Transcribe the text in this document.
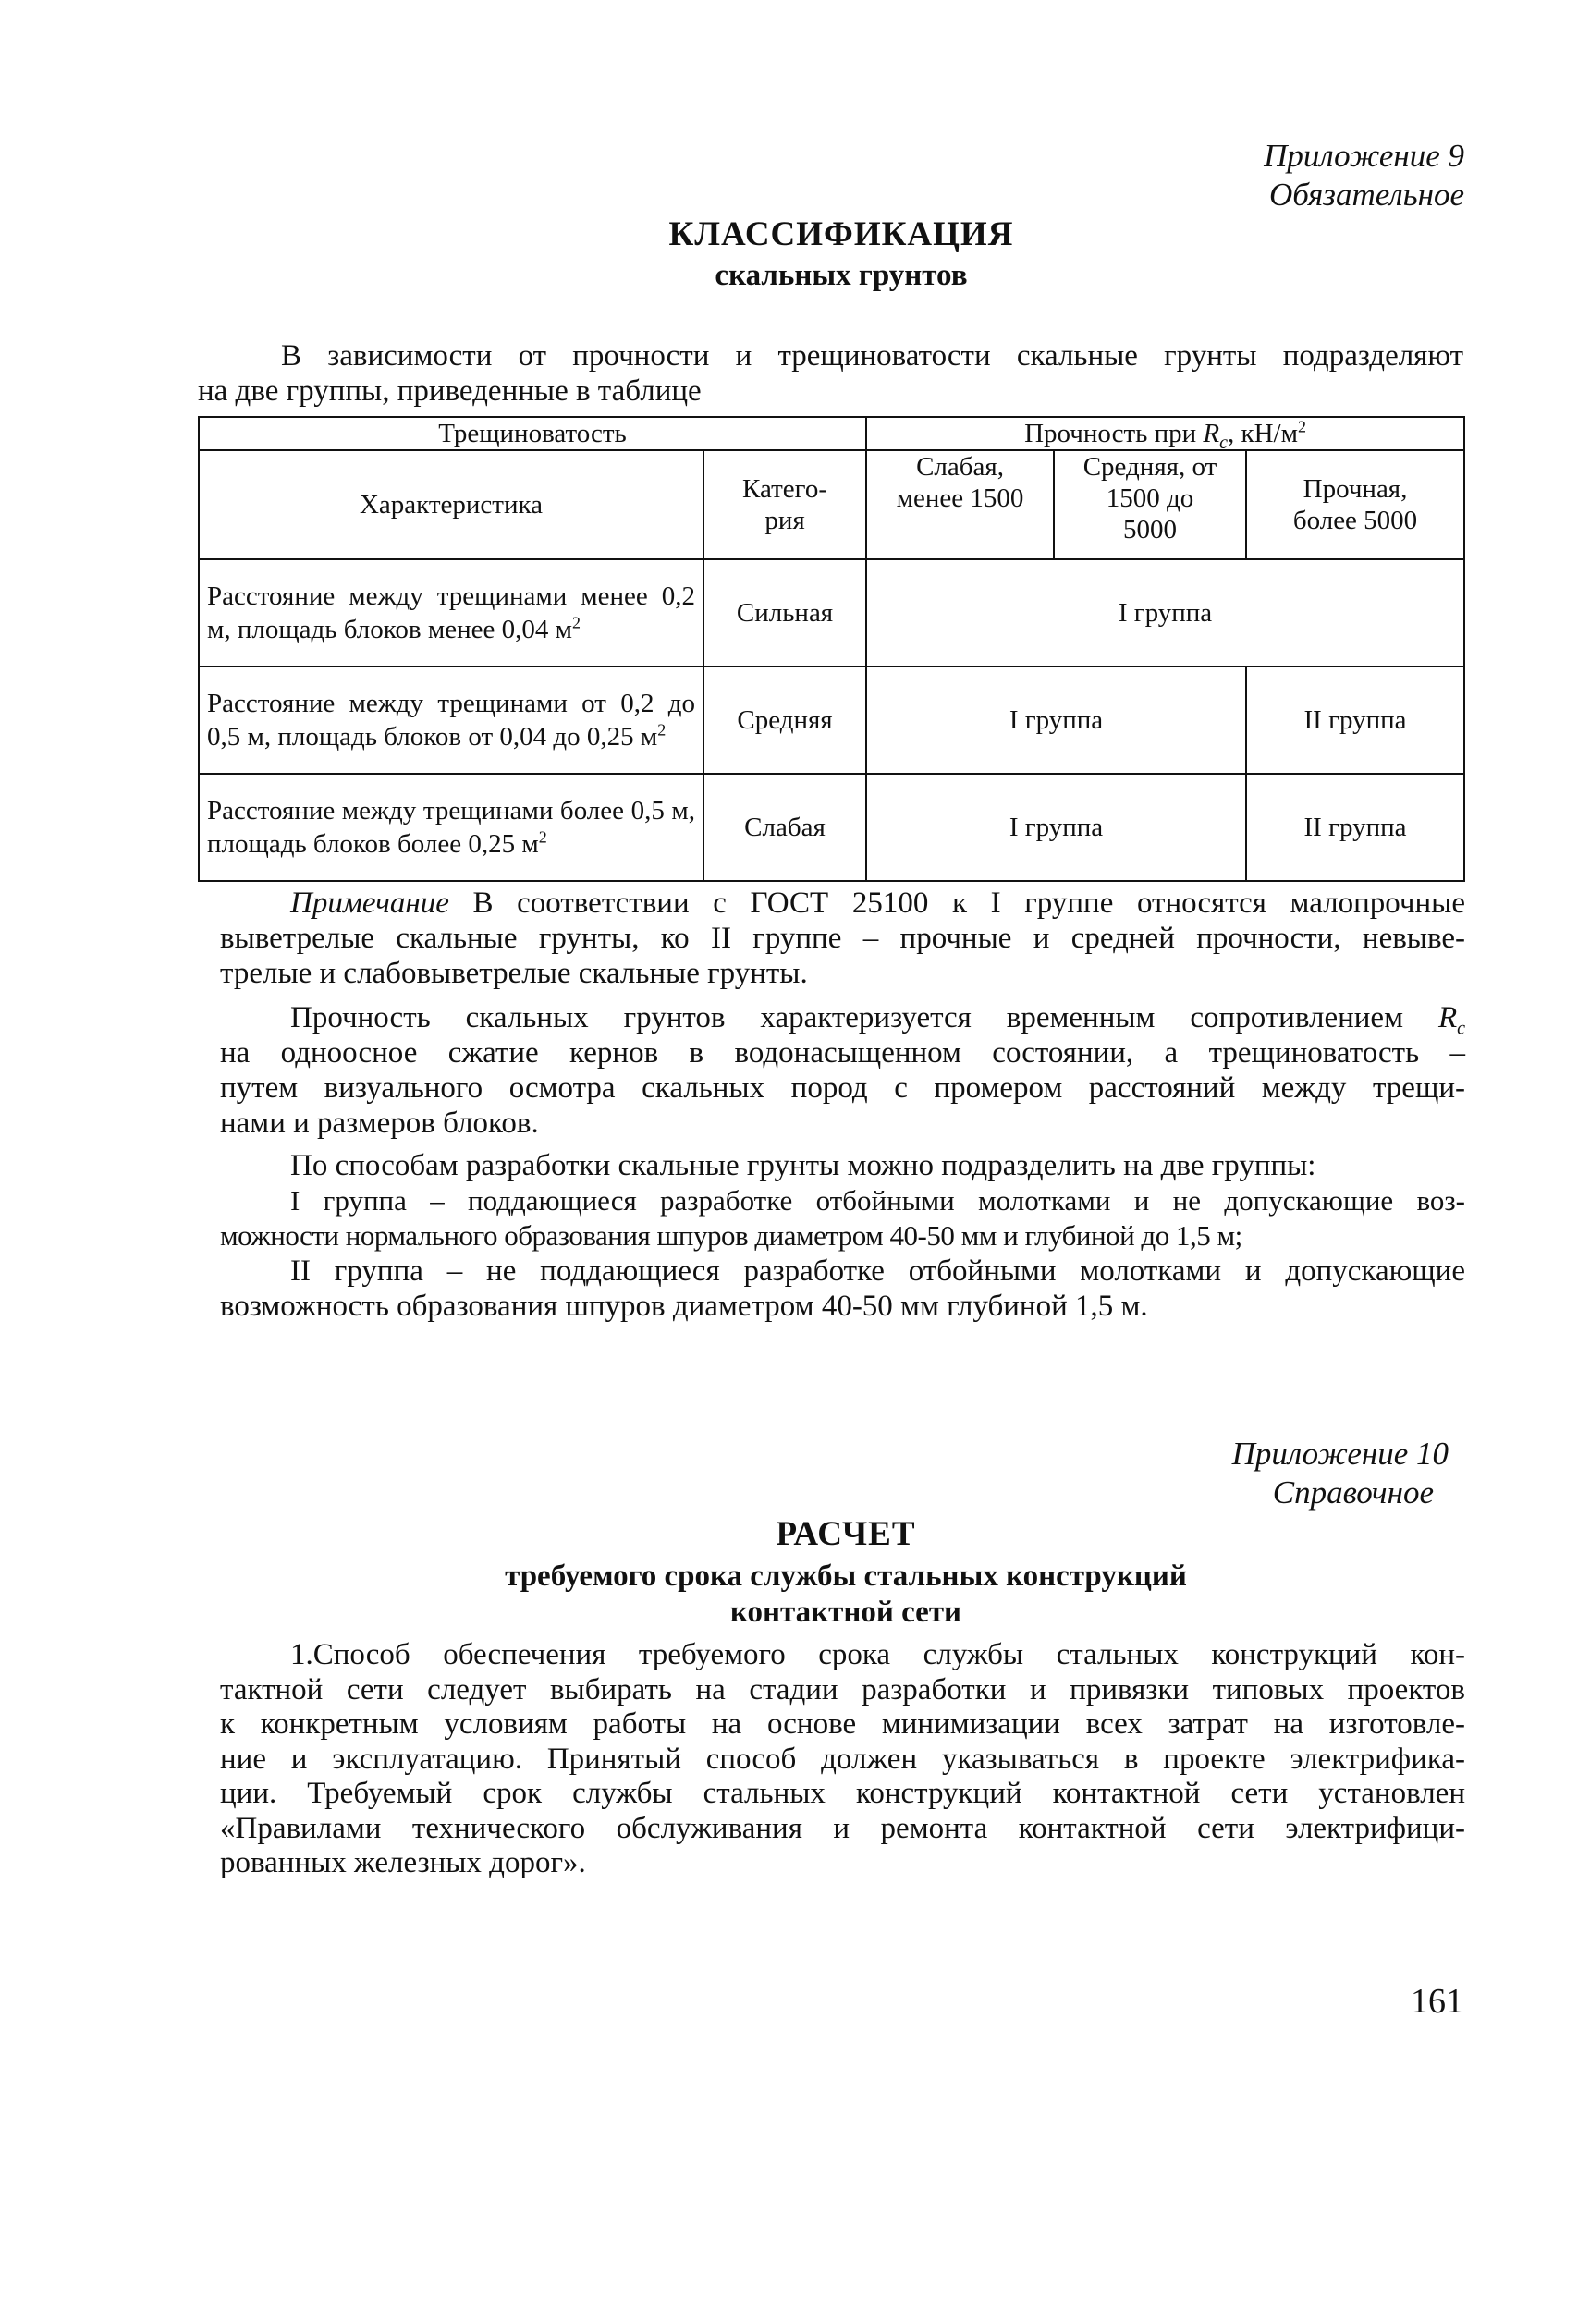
Приложение 9
Обязательное
КЛАССИФИКАЦИЯ
скальных грунтов
В зависимости от прочности и трещиноватости скальные грунты подразделяют
на две группы, приведенные в таблице
Трещиноватость		Прочность при $R_c$, $кН/м^2$
Характеристика	Катего-рия	Слабая, менее 1500	Средняя, от 1500 до 5000	Прочная, более 5000
Расстояние между трещинами менее 0,2 м, площадь блоков менее 0,04 $м^2$	Сильная	I группа		
Расстояние между трещинами от 0,2 до 0,5 м, площадь блоков от 0,04 до 0,25 $м^2$	Средняя	I группа		II группа
Расстояние между трещинами более 0,5 м, площадь блоков более 0,25 $м^2$	Слабая	I группа		II группа
Примечание В соответствии с ГОСТ 25100 к I группе относятся малопрочные
выветрелые скальные грунты, ко II группе – прочные и средней прочности, невыве-
трелые и слабовыветрелые скальные грунты.
Прочность скальных грунтов характеризуется временным сопротивлением $R_c$
на одноосное сжатие кернов в водонасыщенном состоянии, а трещиноватость –
путем визуального осмотра скальных пород с промером расстояний между трещи-
нами и размеров блоков.
По способам разработки скальные грунты можно подразделить на две группы:
I группа – поддающиеся разработке отбойными молотками и не допускающие воз-
можности нормального образования шпуров диаметром 40-50 мм и глубиной до 1,5 м;
II группа – не поддающиеся разработке отбойными молотками и допускающие
возможность образования шпуров диаметром 40-50 мм глубиной 1,5 м.
Приложение 10
Справочное
РАСЧЕТ
требуемого срока службы стальных конструкций
контактной сети
1.Способ обеспечения требуемого срока службы стальных конструкций кон-
тактной сети следует выбирать на стадии разработки и привязки типовых проектов
к конкретным условиям работы на основе минимизации всех затрат на изготовле-
ние и эксплуатацию. Принятый способ должен указываться в проекте электрифика-
ции. Требуемый срок службы стальных конструкций контактной сети установлен
«Правилами технического обслуживания и ремонта контактной сети электрифици-
рованных железных дорог».
161
